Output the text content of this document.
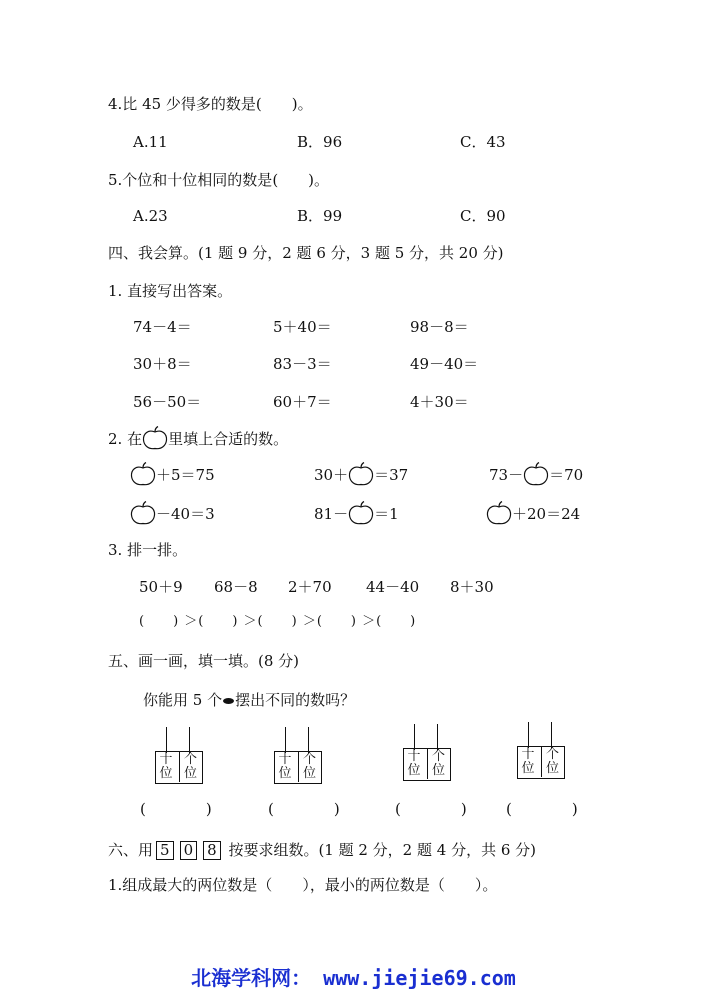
4.比 45 少得多的数是(　　)。
A.11	B．96	C．43
5.个位和十位相同的数是(　　)。
A.23	B．99	C．90
四、我会算。(1 题 9 分，2 题 6 分，3 题 5 分，共 20 分)
1. 直接写出答案。
74－4＝	5＋40＝	98－8＝
30＋8＝	83－3＝	49－40＝
56－50＝	60＋7＝	4＋30＝
2. 在 里填上合适的数。
＋5＝75	30＋ ＝37	73－ ＝70
－40＝3	81－ ＝1	＋20＝24
3. 排一排。
50＋9 68－8 2＋70 44－40 8＋30
(　　) ＞(　　) ＞(　　) ＞(　　) ＞(　　)
五、画一画，填一填。(8 分)
你能用 5 个 摆出不同的数吗？
十位
个位
十位
个位
十位
个位
十位
个位
(　　　　)	(　　　　)	(　　　　)	(　　　　)
六、用 5 0 8 按要求组数。(1 题 2 分，2 题 4 分，共 6 分)
1.组成最大的两位数是（　　），最小的两位数是（　　）。
北海学科网： www.jiejie69.com
